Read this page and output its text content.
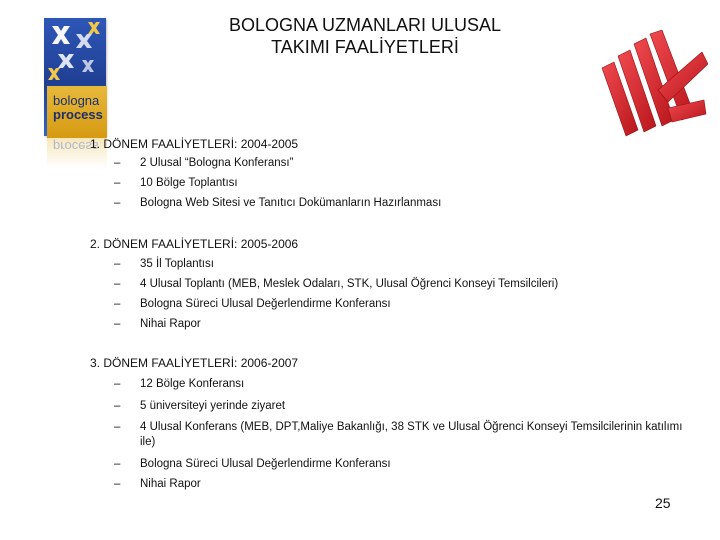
bologna
process
process
BOLOGNA UZMANLARI ULUSAL
TAKIMI FAALİYETLERİ
1. DÖNEM FAALİYETLERİ: 2004-2005
–	2 Ulusal “Bologna Konferansı”
–	10 Bölge Toplantısı
–	Bologna Web Sitesi ve Tanıtıcı Dokümanların Hazırlanması
2. DÖNEM FAALİYETLERİ: 2005-2006
–	35 İl Toplantısı
–	4 Ulusal Toplantı (MEB, Meslek Odaları, STK, Ulusal Öğrenci Konseyi Temsilcileri)
–	Bologna Süreci Ulusal Değerlendirme Konferansı
–	Nihai Rapor
3. DÖNEM FAALİYETLERİ: 2006-2007
–	12 Bölge Konferansı
–	5 üniversiteyi yerinde ziyaret
–	4 Ulusal Konferans (MEB, DPT,Maliye Bakanlığı, 38 STK ve Ulusal Öğrenci Konseyi Temsilcilerinin katılımı ile)
–	Bologna Süreci Ulusal Değerlendirme Konferansı
–	Nihai Rapor
25
